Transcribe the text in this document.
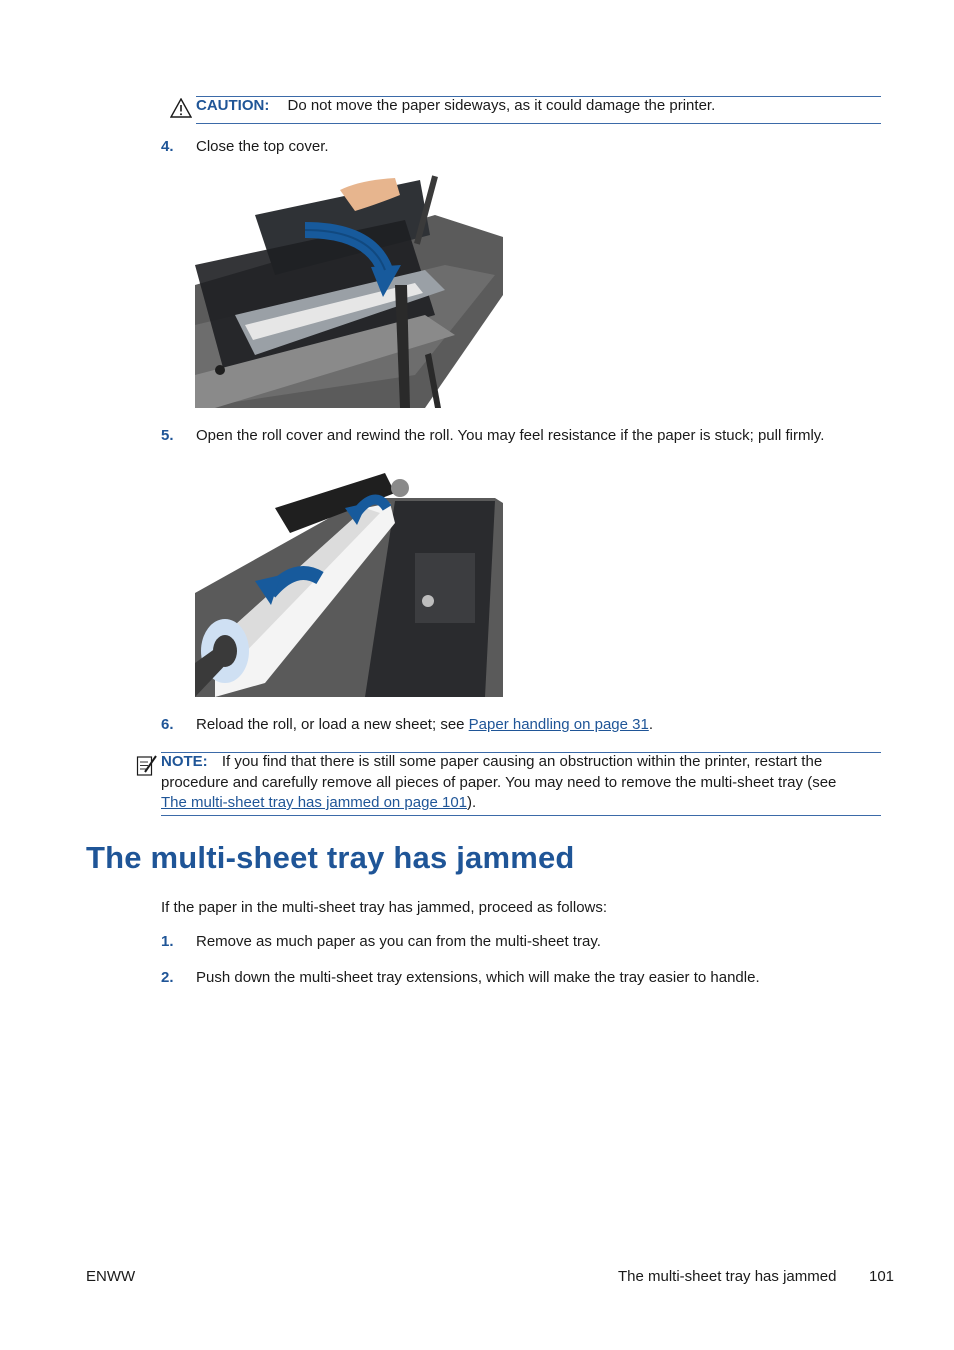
CAUTION: Do not move the paper sideways, as it could damage the printer.
4. Close the top cover.
5. Open the roll cover and rewind the roll. You may feel resistance if the paper is stuck; pull firmly.
6. Reload the roll, or load a new sheet; see Paper handling on page 31.
NOTE: If you find that there is still some paper causing an obstruction within the printer, restart the
procedure and carefully remove all pieces of paper. You may need to remove the multi-sheet tray (see
The multi-sheet tray has jammed on page 101).
The multi-sheet tray has jammed
If the paper in the multi-sheet tray has jammed, proceed as follows:
1. Remove as much paper as you can from the multi-sheet tray.
2. Push down the multi-sheet tray extensions, which will make the tray easier to handle.
ENWW	The multi-sheet tray has jammed 101
